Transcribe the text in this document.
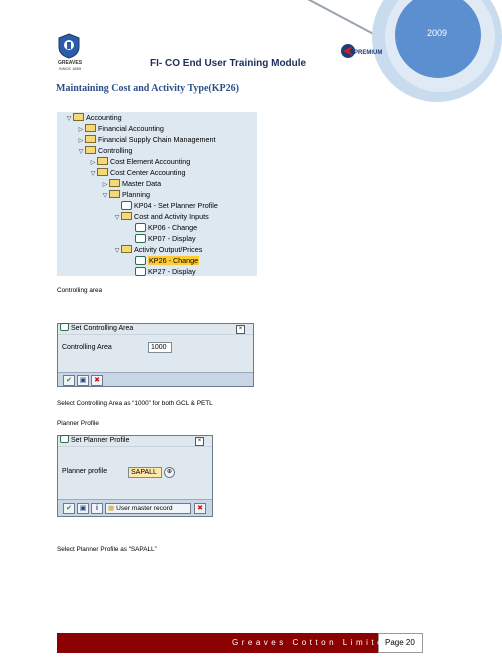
2009
GREAVES
SINCE 1859
PREMIUM
FI- CO End User Training Module
Maintaining Cost and Activity Type(KP26)
▽ Accounting
▷ Financial Accounting
▷ Financial Supply Chain Management
▽ Controlling
▷ Cost Element Accounting
▽ Cost Center Accounting
▷ Master Data
▽ Planning
KP04 - Set Planner Profile
▽ Cost and Activity Inputs
KP06 - Change
KP07 - Display
▽ Activity Output/Prices
KP26 - Change
KP27 - Display
Controlling area
Set Controlling Area	×
Controlling Area	1000
✔	▣	✖
Select Controlling Area as “1000” for both GCL & PETL
Planner Profile
Set Planner Profile	×
Planner profile	SAPALL	⊕
✔	▣	i	▦ User master record	✖
Select Planner Profile as “SAPALL”
Greaves Cotton Limited
Page 20
